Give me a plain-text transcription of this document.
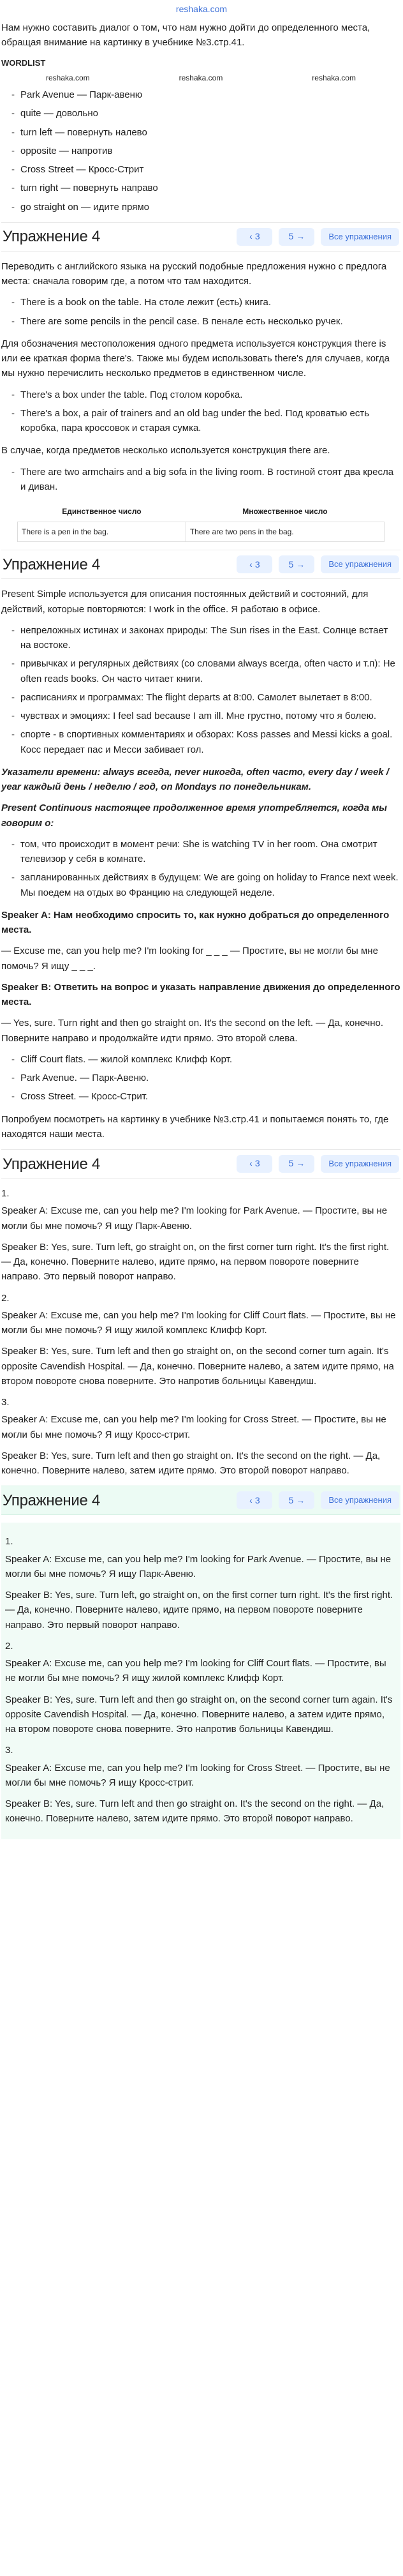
reshaka.com

Нам нужно составить диалог о том, что нам нужно дойти до определенного места, обращая внимание на картинку в учебнике №3.стр.41.

WORDLIST
reshaka.com	reshaka.com	reshaka.com
- Park Avenue — Парк-авеню
- quite — довольно
- turn left — повернуть налево
- opposite — напротив
- Cross Street — Кросс-Стрит
- turn right — повернуть направо
- go straight on — идите прямо
Упражнение 4	‹ 3	5 →	Все упражнения

Переводить с английского языка на русский подобные предложения нужно с предлога места: сначала говорим где, а потом что там находится.

- There is a book on the table. На столе лежит (есть) книга.
- There are some pencils in the pencil case. В пенале есть несколько ручек.

Для обозначения местоположения одного предмета используется конструкция there is или ее краткая форма there's. Также мы будем использовать there's для случаев, когда мы нужно перечислить несколько предметов в единственном числе.

- There's a box under the table. Под столом коробка.
- There's a box, a pair of trainers and an old bag under the bed. Под кроватью есть коробка, пара кроссовок и старая сумка.

В случае, когда предметов несколько используется конструкция there are.

- There are two armchairs and a big sofa in the living room. В гостиной стоят два кресла и диван.
Единственное число	Множественное число
There is a pen in the bag.	There are two pens in the bag.
Упражнение 4	‹ 3	5 →	Все упражнения

Present Simple используется для описания постоянных действий и состояний, для действий, которые повторяются: I work in the office. Я работаю в офисе.

- непреложных истинах и законах природы: The Sun rises in the East. Солнце встает на востоке.
- привычках и регулярных действиях (со словами always всегда, often часто и т.п): He often reads books. Он часто читает книги.
- расписаниях и программах: The flight departs at 8:00. Самолет вылетает в 8:00.
- чувствах и эмоциях: I feel sad because I am ill. Мне грустно, потому что я болею.
- спорте - в спортивных комментариях и обзорах: Koss passes and Messi kicks a goal. Косс передает пас и Месси забивает гол.

Указатели времени: always всегда, never никогда, often часто, every day / week / year каждый день / неделю / год, on Mondays по понедельникам.

Present Continuous настоящее продолженное время употребляется, когда мы говорим о:

- том, что происходит в момент речи: She is watching TV in her room. Она смотрит телевизор у себя в комнате.
- запланированных действиях в будущем: We are going on holiday to France next week. Мы поедем на отдых во Францию на следующей неделе.

Speaker A: Нам необходимо спросить то, как нужно добраться до определенного места.

— Excuse me, can you help me? I'm looking for _ _ _ — Простите, вы не могли бы мне помочь? Я ищу _ _ _.

Speaker B: Ответить на вопрос и указать направление движения до определенного места.

— Yes, sure. Turn right and then go straight on. It's the second on the left. — Да, конечно. Поверните направо и продолжайте идти прямо. Это второй слева.

- Cliff Court flats. — жилой комплекс Клифф Корт.
- Park Avenue. — Парк-Авеню.
- Cross Street. — Кросс-Стрит.

Попробуем посмотреть на картинку в учебнике №3.стр.41 и попытаемся понять то, где находятся наши места.

Упражнение 4	‹ 3	5 →	Все упражнения
1.

Speaker A: Excuse me, can you help me? I'm looking for Park Avenue. — Простите, вы не могли бы мне помочь? Я ищу Парк-Авеню.

Speaker B: Yes, sure. Turn left, go straight on, on the first corner turn right. It's the first right. — Да, конечно. Поверните налево, идите прямо, на первом повороте поверните направо. Это первый поворот направо.

2.

Speaker A: Excuse me, can you help me? I'm looking for Cliff Court flats. — Простите, вы не могли бы мне помочь? Я ищу жилой комплекс Клифф Корт.

Speaker B: Yes, sure. Turn left and then go straight on, on the second corner turn again. It's opposite Cavendish Hospital. — Да, конечно. Поверните налево, а затем идите прямо, на втором повороте снова поверните. Это напротив больницы Кавендиш.

3.

Speaker A: Excuse me, can you help me? I'm looking for Cross Street. — Простите, вы не могли бы мне помочь? Я ищу Кросс-стрит.

Speaker B: Yes, sure. Turn left and then go straight on. It's the second on the right. — Да, конечно. Поверните налево, затем идите прямо. Это второй поворот направо.

Упражнение 4	‹ 3	5 →	Все упражнения
1.

Speaker A: Excuse me, can you help me? I'm looking for Park Avenue. — Простите, вы не могли бы мне помочь? Я ищу Парк-Авеню.

Speaker B: Yes, sure. Turn left, go straight on, on the first corner turn right. It's the first right. — Да, конечно. Поверните налево, идите прямо, на первом повороте поверните направо. Это первый поворот направо.

2.

Speaker A: Excuse me, can you help me? I'm looking for Cliff Court flats. — Простите, вы не могли бы мне помочь? Я ищу жилой комплекс Клифф Корт.

Speaker B: Yes, sure. Turn left and then go straight on, on the second corner turn again. It's opposite Cavendish Hospital. — Да, конечно. Поверните налево, а затем идите прямо, на втором повороте снова поверните. Это напротив больницы Кавендиш.

3.

Speaker A: Excuse me, can you help me? I'm looking for Cross Street. — Простите, вы не могли бы мне помочь? Я ищу Кросс-стрит.

Speaker B: Yes, sure. Turn left and then go straight on. It's the second on the right. — Да, конечно. Поверните налево, затем идите прямо. Это второй поворот направо.
